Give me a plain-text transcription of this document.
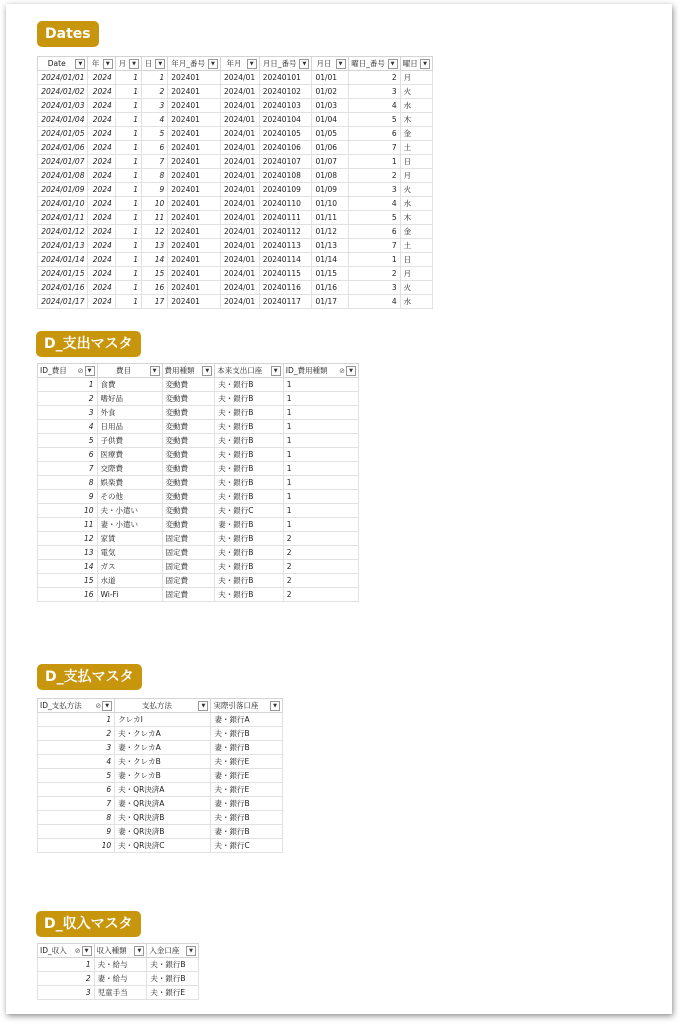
Dates
Date ▼	年 ▼	月 ▼	日 ▼	年月_番号 ▼	年月 ▼	月日_番号 ▼	月日 ▼	曜日_番号 ▼	曜日 ▼

2024/01/01	2024	1	1	202401	2024/01	20240101	01/01	2	月
2024/01/02	2024	1	2	202401	2024/01	20240102	01/02	3	火
2024/01/03	2024	1	3	202401	2024/01	20240103	01/03	4	水
2024/01/04	2024	1	4	202401	2024/01	20240104	01/04	5	木
2024/01/05	2024	1	5	202401	2024/01	20240105	01/05	6	金
2024/01/06	2024	1	6	202401	2024/01	20240106	01/06	7	土
2024/01/07	2024	1	7	202401	2024/01	20240107	01/07	1	日
2024/01/08	2024	1	8	202401	2024/01	20240108	01/08	2	月
2024/01/09	2024	1	9	202401	2024/01	20240109	01/09	3	火
2024/01/10	2024	1	10	202401	2024/01	20240110	01/10	4	水
2024/01/11	2024	1	11	202401	2024/01	20240111	01/11	5	木
2024/01/12	2024	1	12	202401	2024/01	20240112	01/12	6	金
2024/01/13	2024	1	13	202401	2024/01	20240113	01/13	7	土
2024/01/14	2024	1	14	202401	2024/01	20240114	01/14	1	日
2024/01/15	2024	1	15	202401	2024/01	20240115	01/15	2	月
2024/01/16	2024	1	16	202401	2024/01	20240116	01/16	3	火
2024/01/17	2024	1	17	202401	2024/01	20240117	01/17	4	水
D_支出マスタ
ID_費目 ⊘ ▼	費目 ▼	費用種類 ▼	本来支出口座 ▼	ID_費用種類 ⊘ ▼

1	食費	変動費	夫・銀行B	1
2	嗜好品	変動費	夫・銀行B	1
3	外食	変動費	夫・銀行B	1
4	日用品	変動費	夫・銀行B	1
5	子供費	変動費	夫・銀行B	1
6	医療費	変動費	夫・銀行B	1
7	交際費	変動費	夫・銀行B	1
8	娯楽費	変動費	夫・銀行B	1
9	その他	変動費	夫・銀行B	1
10	夫・小遣い	変動費	夫・銀行C	1
11	妻・小遣い	変動費	妻・銀行B	1
12	家賃	固定費	夫・銀行B	2
13	電気	固定費	夫・銀行B	2
14	ガス	固定費	夫・銀行B	2
15	水道	固定費	夫・銀行B	2
16	Wi-Fi	固定費	夫・銀行B	2
D_支払マスタ
ID_支払方法 ⊘ ▼	支払方法 ▼	実際引落口座 ▼

1	クレカI	妻・銀行A
2	夫・クレカA	夫・銀行B
3	妻・クレカA	妻・銀行B
4	夫・クレカB	夫・銀行E
5	妻・クレカB	妻・銀行E
6	夫・QR決済A	夫・銀行E
7	妻・QR決済A	妻・銀行B
8	夫・QR決済B	夫・銀行B
9	妻・QR決済B	妻・銀行B
10	夫・QR決済C	夫・銀行C
D_収入マスタ
ID_収入 ⊘ ▼	収入種類 ▼	入金口座 ▼

1	夫・給与	夫・銀行B
2	妻・給与	夫・銀行B
3	児童手当	夫・銀行E
